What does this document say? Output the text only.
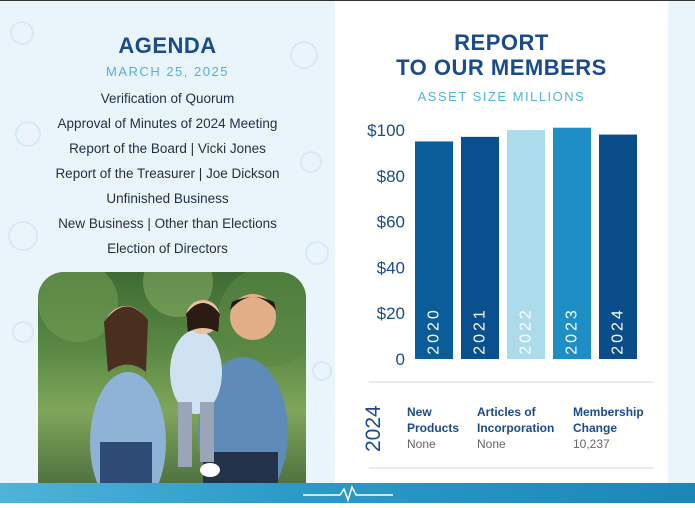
AGENDA
MARCH 25, 2025
Verification of Quorum
Approval of Minutes of 2024 Meeting
Report of the Board | Vicki Jones
Report of the Treasurer | Joe Dickson
Unfinished Business
New Business | Other than Elections
Election of Directors
REPORT
TO OUR MEMBERS
ASSET SIZE MILLIONS
0
$20
$40
$60
$80
$100
2020 2021 2022 2023 2024
2024	New
Products
None
Articles of
Incorporation
None
Membership
Change
10,237
